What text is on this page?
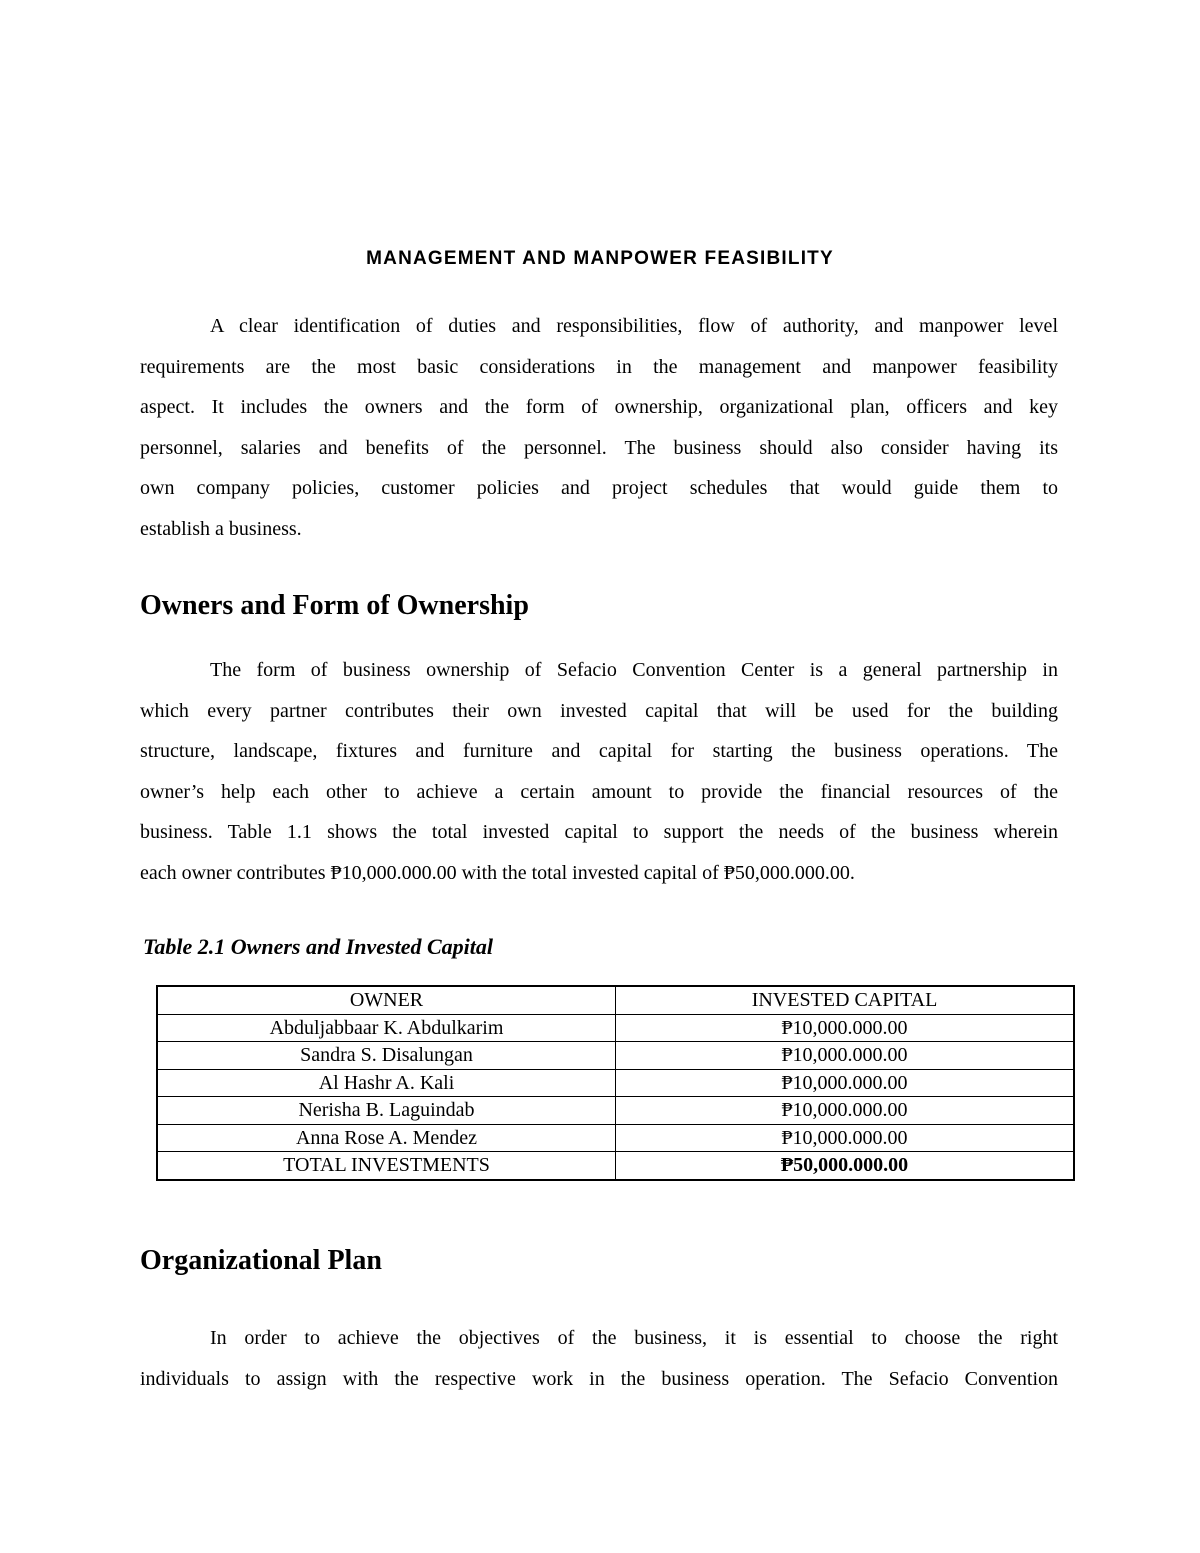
MANAGEMENT AND MANPOWER FEASIBILITY
A clear identification of duties and responsibilities, flow of authority, and manpower level
requirements are the most basic considerations in the management and manpower feasibility
aspect. It includes the owners and the form of ownership, organizational plan, officers and key
personnel, salaries and benefits of the personnel. The business should also consider having its
own company policies, customer policies and project schedules that would guide them to
establish a business.
Owners and Form of Ownership
The form of business ownership of Sefacio Convention Center is a general partnership in
which every partner contributes their own invested capital that will be used for the building
structure, landscape, fixtures and furniture and capital for starting the business operations. The
owner’s help each other to achieve a certain amount to provide the financial resources of the
business. Table 1.1 shows the total invested capital to support the needs of the business wherein
each owner contributes ₱10,000.000.00 with the total invested capital of ₱50,000.000.00.
Table 2.1 Owners and Invested Capital
OWNER	INVESTED CAPITAL
Abduljabbaar K. Abdulkarim	₱10,000.000.00
Sandra S. Disalungan	₱10,000.000.00
Al Hashr A. Kali	₱10,000.000.00
Nerisha B. Laguindab	₱10,000.000.00
Anna Rose A. Mendez	₱10,000.000.00
TOTAL INVESTMENTS	₱50,000.000.00
Organizational Plan
In order to achieve the objectives of the business, it is essential to choose the right
individuals to assign with the respective work in the business operation. The Sefacio Convention
